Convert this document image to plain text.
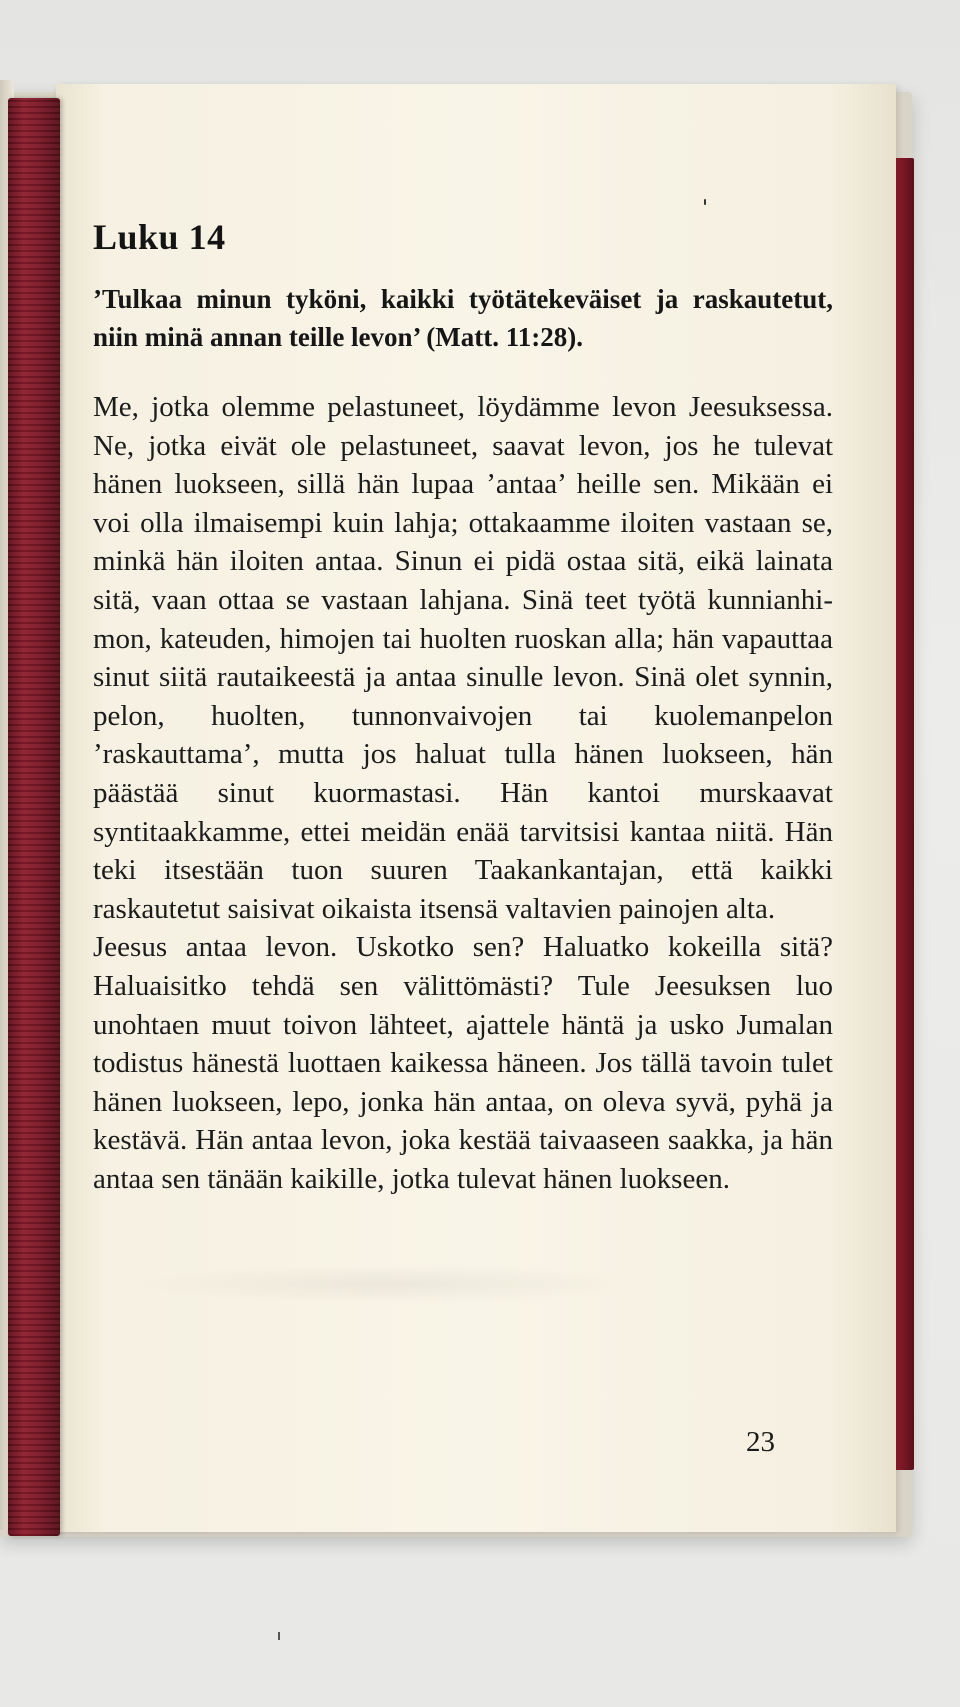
Luku 14

’Tulkaa minun tyköni, kaikki työtätekeväiset ja raskautetut, niin minä annan teille levon’ (Matt. 11:28).

Me, jotka olemme pelastuneet, löydämme levon Jeesuksessa. Ne, jotka eivät ole pelastuneet, saavat levon, jos he tulevat hänen luokseen, sillä hän lupaa ’antaa’ heille sen. Mikään ei voi olla ilmaisempi kuin lahja; ottakaamme iloiten vastaan se, minkä hän iloiten antaa. Sinun ei pidä ostaa sitä, eikä lainata sitä, vaan ottaa se vastaan lahjana. Sinä teet työtä kunnianhimon, kateuden, himojen tai huolten ruoskan alla; hän vapauttaa sinut siitä rautaikeestä ja antaa sinulle levon. Sinä olet synnin, pelon, huolten, tunnonvaivojen tai kuolemanpelon ’raskauttama’, mutta jos haluat tulla hänen luokseen, hän päästää sinut kuormastasi. Hän kantoi murskaavat syntitaakkamme, ettei meidän enää tarvitsisi kantaa niitä. Hän teki itsestään tuon suuren Taakankantajan, että kaikki raskautetut saisivat oikaista itsensä valtavien painojen alta.

Jeesus antaa levon. Uskotko sen? Haluatko kokeilla sitä? Haluaisitko tehdä sen välittömästi? Tule Jeesuksen luo unohtaen muut toivon lähteet, ajattele häntä ja usko Jumalan todistus hänestä luottaen kaikessa häneen. Jos tällä tavoin tulet hänen luokseen, lepo, jonka hän antaa, on oleva syvä, pyhä ja kestävä. Hän antaa levon, joka kestää taivaaseen saakka, ja hän antaa sen tänään kaikille, jotka tulevat hänen luokseen.

23
